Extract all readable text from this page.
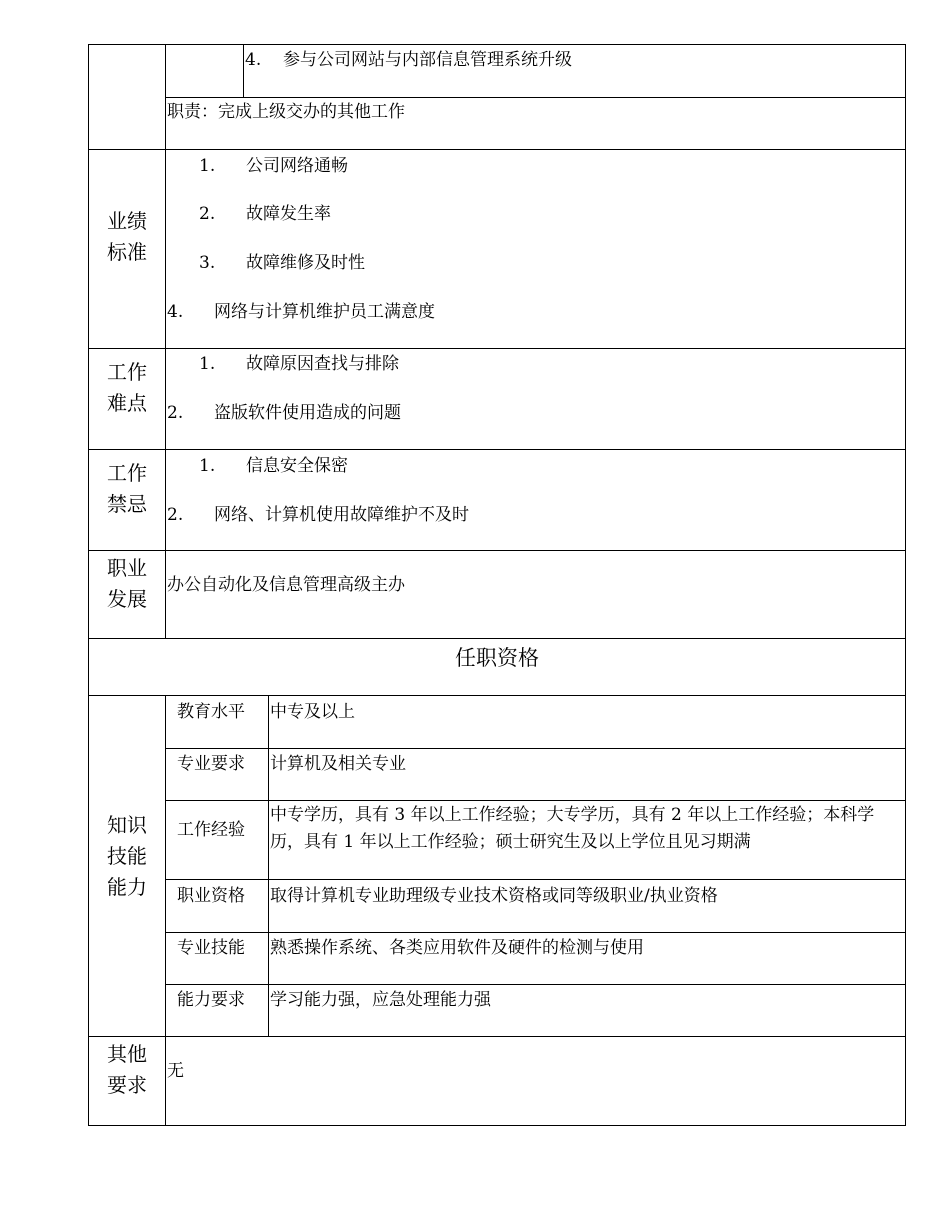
4. 参与公司网站与内部信息管理系统升级
职责：完成上级交办的其他工作
业绩
标准
1. 公司网络通畅
2. 故障发生率
3. 故障维修及时性
4. 网络与计算机维护员工满意度
工作
难点
1. 故障原因查找与排除
2. 盗版软件使用造成的问题
工作
禁忌
1. 信息安全保密
2. 网络、计算机使用故障维护不及时
职业
发展
办公自动化及信息管理高级主办
任职资格
知识
技能
能力
教育水平 中专及以上
专业要求 计算机及相关专业
工作经验
中专学历，具有 3 年以上工作经验；大专学历，具有 2 年以上工作经验；本科学历，具有 1 年以上工作经验；硕士研究生及以上学位且见习期满
职业资格 取得计算机专业助理级专业技术资格或同等级职业/执业资格
专业技能 熟悉操作系统、各类应用软件及硬件的检测与使用
能力要求 学习能力强，应急处理能力强
其他
要求
无
